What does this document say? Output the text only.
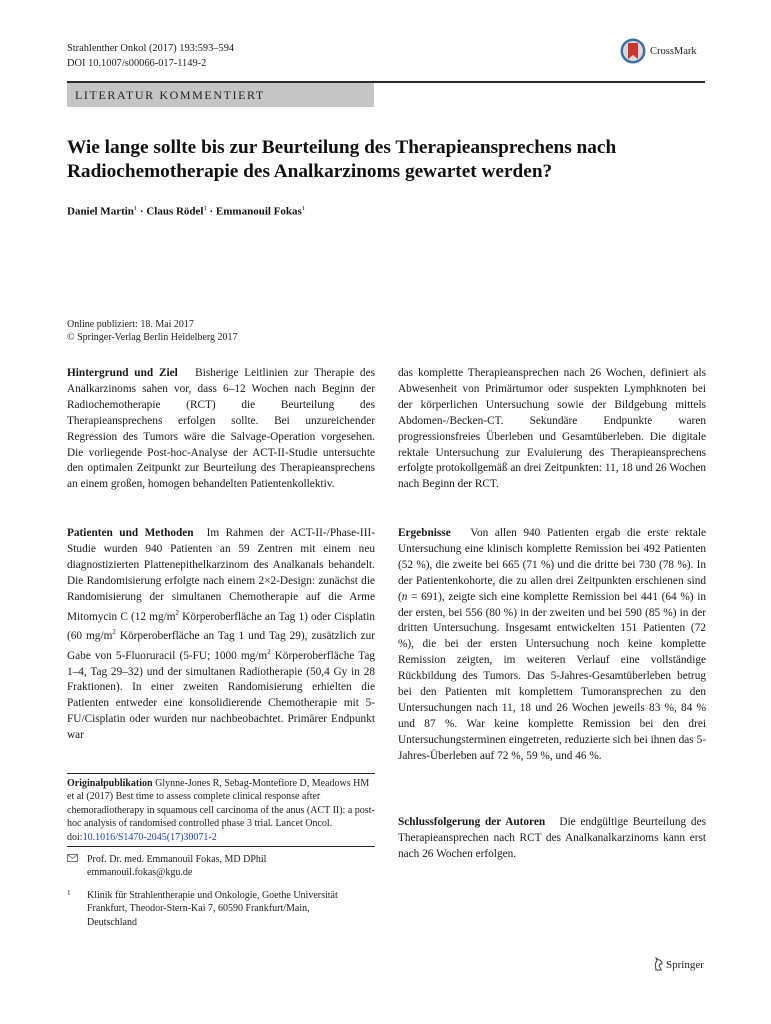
Strahlenther Onkol (2017) 193:593–594
DOI 10.1007/s00066-017-1149-2
CrossMark
LITERATUR KOMMENTIERT
Wie lange sollte bis zur Beurteilung des Therapieansprechens nach
Radiochemotherapie des Analkarzinoms gewartet werden?
Daniel Martin$^1$ · Claus Rödel$^1$ · Emmanouil Fokas$^1$
Online publiziert: 18. Mai 2017
© Springer-Verlag Berlin Heidelberg 2017

Hintergrund und Ziel Bisherige Leitlinien zur Therapie des Analkarzinoms sahen vor, dass 6–12 Wochen nach Beginn der Radiochemotherapie (RCT) die Beurteilung des Therapieansprechens erfolgen sollte. Bei unzureichender Regression des Tumors wäre die Salvage-Operation vorgesehen. Die vorliegende Post-hoc-Analyse der ACT-II-Studie untersuchte den optimalen Zeitpunkt zur Beurteilung des Therapieansprechens an einem großen, homogen behandelten Patientenkollektiv.

Patienten und Methoden Im Rahmen der ACT-II-/Phase-III-Studie wurden 940 Patienten an 59 Zentren mit einem neu diagnostizierten Plattenepithelkarzinom des Analkanals behandelt. Die Randomisierung erfolgte nach einem 2×2-Design: zunächst die Randomisierung der simultanen Chemotherapie auf die Arme Mitomycin C (12 $mg/m^2$ Körperoberfläche an Tag 1) oder Cisplatin (60 $mg/m^2$ Körperoberfläche an Tag 1 und Tag 29), zusätzlich zur Gabe von 5-Fluoruracil (5-FU; 1000 $mg/m^2$ Körperoberfläche Tag 1–4, Tag 29–32) und der simultanen Radiotherapie (50,4 Gy in 28 Fraktionen). In einer zweiten Randomisierung erhielten die Patienten entweder eine konsolidierende Chemotherapie mit 5-FU/Cisplatin oder wurden nur nachbeobachtet. Primärer Endpunkt war

Originalpublikation Glynne-Jones R, Sebag-Montefiore D, Meadows HM et al (2017) Best time to assess complete clinical response after chemoradiotherapy in squamous cell carcinoma of the anus (ACT II): a post-hoc analysis of randomised controlled phase 3 trial. Lancet Oncol. doi:10.1016/S1470-2045(17)30071-2
Prof. Dr. med. Emmanouil Fokas, MD DPhil
emmanouil.fokas@kgu.de
1 Klinik für Strahlentherapie und Onkologie, Goethe Universität
Frankfurt, Theodor-Stern-Kai 7, 60590 Frankfurt/Main,
Deutschland

das komplette Therapieansprechen nach 26 Wochen, definiert als Abwesenheit von Primärtumor oder suspekten Lymphknoten bei der körperlichen Untersuchung sowie der Bildgebung mittels Abdomen-/Becken-CT. Sekundäre Endpunkte waren progressionsfreies Überleben und Gesamtüberleben. Die digitale rektale Untersuchung zur Evaluierung des Therapieansprechens erfolgte protokollgemäß an drei Zeitpunkten: 11, 18 und 26 Wochen nach Beginn der RCT.

Ergebnisse Von allen 940 Patienten ergab die erste rektale Untersuchung eine klinisch komplette Remission bei 492 Patienten (52 %), die zweite bei 665 (71 %) und die dritte bei 730 (78 %). In der Patientenkohorte, die zu allen drei Zeitpunkten erschienen sind (n = 691), zeigte sich eine komplette Remission bei 441 (64 %) in der ersten, bei 556 (80 %) in der zweiten und bei 590 (85 %) in der dritten Untersuchung. Insgesamt entwickelten 151 Patienten (72 %), die bei der ersten Untersuchung noch keine komplette Remission zeigten, im weiteren Verlauf eine vollständige Rückbildung des Tumors. Das 5-Jahres-Gesamtüberleben betrug bei den Patienten mit komplettem Tumoransprechen zu den Untersuchungen nach 11, 18 und 26 Wochen jeweils 83 %, 84 % und 87 %. War keine komplette Remission bei den drei Untersuchungsterminen eingetreten, reduzierte sich bei ihnen das 5-Jahres-Überleben auf 72 %, 59 %, und 46 %.

Schlussfolgerung der Autoren Die endgültige Beurteilung des Therapieansprechen nach RCT des Analkanalkarzinoms kann erst nach 26 Wochen erfolgen.

Springer
